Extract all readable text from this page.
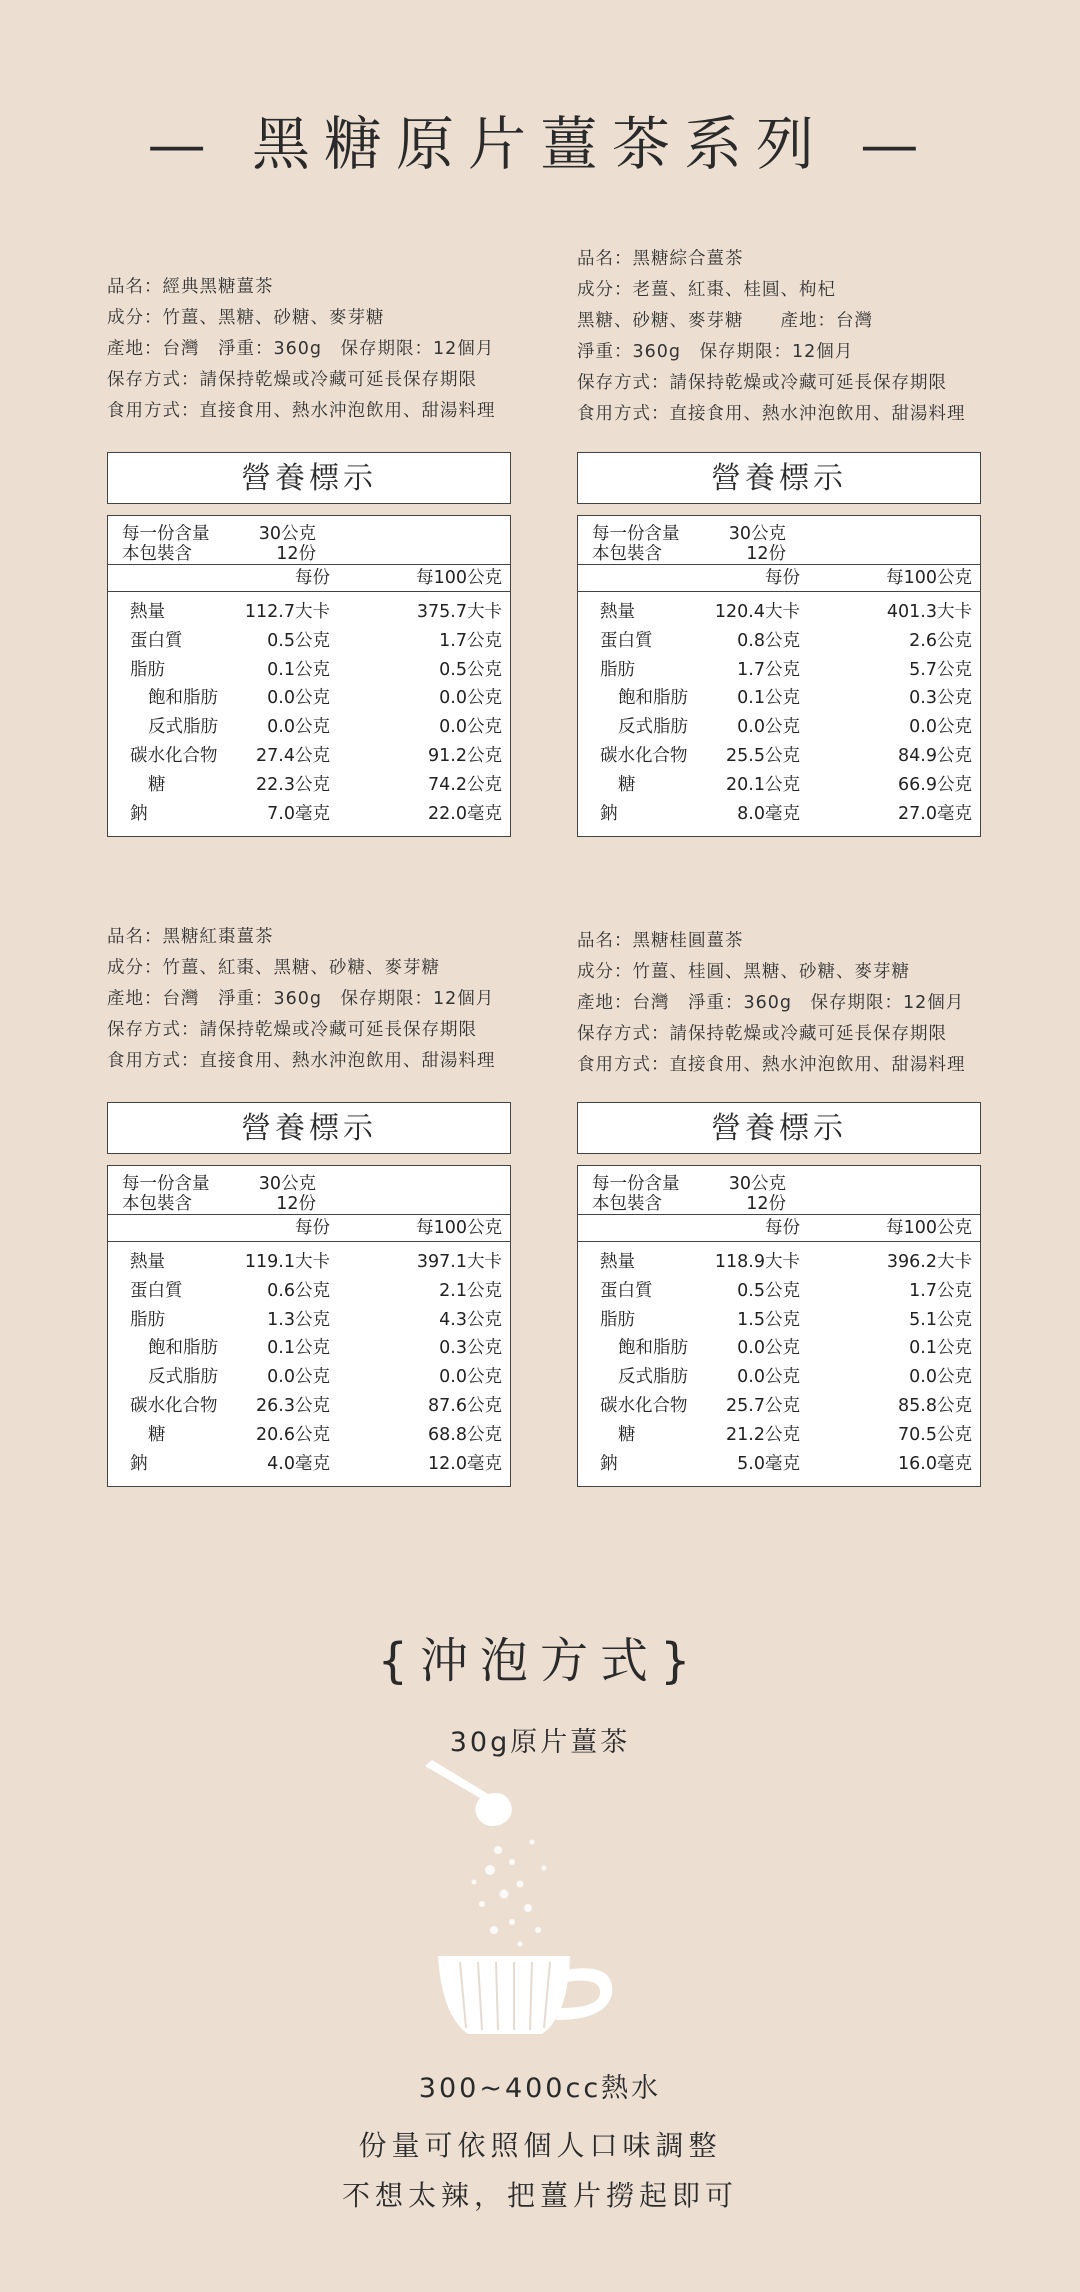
— 黑糖原片薑茶系列 —
品名：經典黑糖薑茶
成分：竹薑、黑糖、砂糖、麥芽糖
產地：台灣　淨重：360g　保存期限：12個月
保存方式：請保持乾燥或冷藏可延長保存期限
食用方式：直接食用、熱水沖泡飲用、甜湯料理
營養標示
每一份含量	30公克
本包裝含	12份
每份	每100公克
熱量	112.7大卡	375.7大卡
蛋白質	0.5公克	1.7公克
脂肪	0.1公克	0.5公克
飽和脂肪	0.0公克	0.0公克
反式脂肪	0.0公克	0.0公克
碳水化合物 27.4公克	91.2公克
糖	22.3公克	74.2公克
鈉	7.0毫克	22.0毫克
品名：黑糖綜合薑茶
成分：老薑、紅棗、桂圓、枸杞
黑糖、砂糖、麥芽糖　　產地：台灣
淨重：360g　保存期限：12個月
保存方式：請保持乾燥或冷藏可延長保存期限
食用方式：直接食用、熱水沖泡飲用、甜湯料理
營養標示
每一份含量	30公克
本包裝含	12份
每份	每100公克
熱量	120.4大卡	401.3大卡
蛋白質	0.8公克	2.6公克
脂肪	1.7公克	5.7公克
飽和脂肪	0.1公克	0.3公克
反式脂肪	0.0公克	0.0公克
碳水化合物 25.5公克	84.9公克
糖	20.1公克	66.9公克
鈉	8.0毫克	27.0毫克
品名：黑糖紅棗薑茶
成分：竹薑、紅棗、黑糖、砂糖、麥芽糖
產地：台灣　淨重：360g　保存期限：12個月
保存方式：請保持乾燥或冷藏可延長保存期限
食用方式：直接食用、熱水沖泡飲用、甜湯料理
營養標示
每一份含量	30公克
本包裝含	12份
每份	每100公克
熱量	119.1大卡	397.1大卡
蛋白質	0.6公克	2.1公克
脂肪	1.3公克	4.3公克
飽和脂肪	0.1公克	0.3公克
反式脂肪	0.0公克	0.0公克
碳水化合物 26.3公克	87.6公克
糖	20.6公克	68.8公克
鈉	4.0毫克	12.0毫克
品名：黑糖桂圓薑茶
成分：竹薑、桂圓、黑糖、砂糖、麥芽糖
產地：台灣　淨重：360g　保存期限：12個月
保存方式：請保持乾燥或冷藏可延長保存期限
食用方式：直接食用、熱水沖泡飲用、甜湯料理
營養標示
每一份含量	30公克
本包裝含	12份
每份	每100公克
熱量	118.9大卡	396.2大卡
蛋白質	0.5公克	1.7公克
脂肪	1.5公克	5.1公克
飽和脂肪	0.0公克	0.1公克
反式脂肪	0.0公克	0.0公克
碳水化合物 25.7公克	85.8公克
糖	21.2公克	70.5公克
鈉	5.0毫克	16.0毫克
{沖泡方式}
30g原片薑茶
300~400cc熱水
份量可依照個人口味調整
不想太辣，把薑片撈起即可
